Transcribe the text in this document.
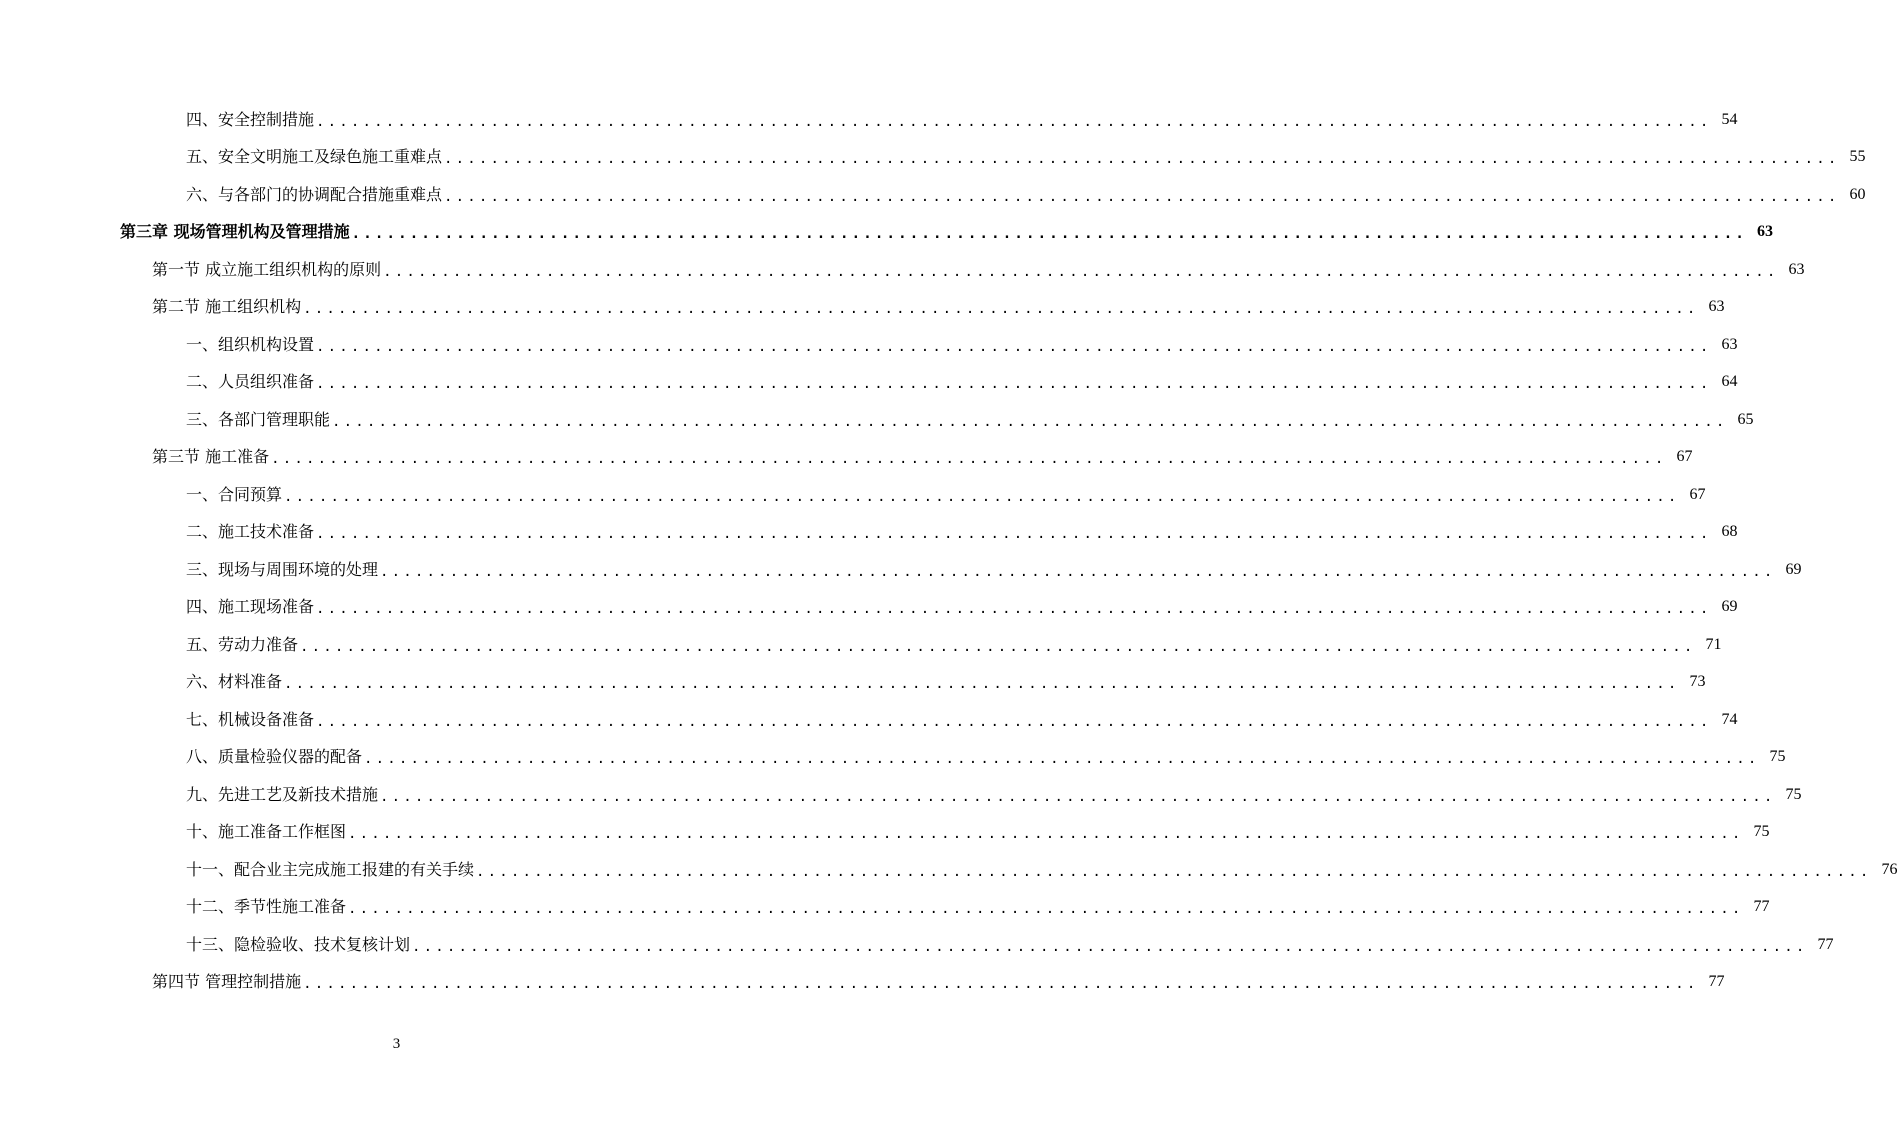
四、安全控制措施 ........................................................................................................................ 54
五、安全文明施工及绿色施工重难点 ........................................................................................................................ 55
六、与各部门的协调配合措施重难点 ........................................................................................................................ 60
第三章 现场管理机构及管理措施 ........................................................................................................................ 63
第一节 成立施工组织机构的原则 ........................................................................................................................ 63
第二节 施工组织机构 ........................................................................................................................ 63
一、组织机构设置 ........................................................................................................................ 63
二、人员组织准备 ........................................................................................................................ 64
三、各部门管理职能 ........................................................................................................................ 65
第三节 施工准备 ........................................................................................................................ 67
一、合同预算 ........................................................................................................................ 67
二、施工技术准备 ........................................................................................................................ 68
三、现场与周围环境的处理 ........................................................................................................................ 69
四、施工现场准备 ........................................................................................................................ 69
五、劳动力准备 ........................................................................................................................ 71
六、材料准备 ........................................................................................................................ 73
七、机械设备准备 ........................................................................................................................ 74
八、质量检验仪器的配备 ........................................................................................................................ 75
九、先进工艺及新技术措施 ........................................................................................................................ 75
十、施工准备工作框图 ........................................................................................................................ 75
十一、配合业主完成施工报建的有关手续 ........................................................................................................................ 76
十二、季节性施工准备 ........................................................................................................................ 77
十三、隐检验收、技术复核计划 ........................................................................................................................ 77
第四节 管理控制措施 ........................................................................................................................ 77
3
